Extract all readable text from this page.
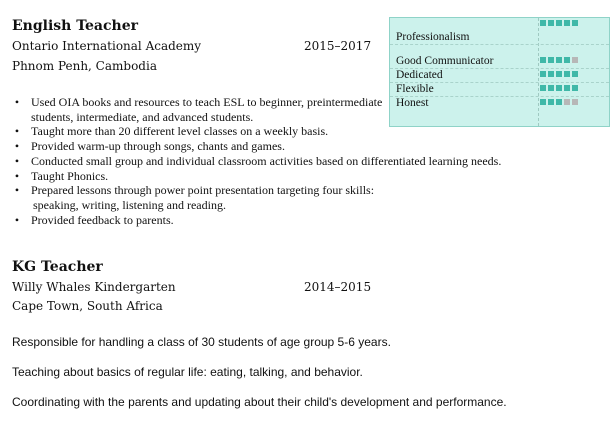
English Teacher
Ontario International Academy	2015–2017
Phnom Penh, Cambodia
• Used OIA books and resources to teach ESL to beginner, preintermediate
students, intermediate, and advanced students.
• Taught more than 20 different level classes on a weekly basis.
• Provided warm-up through songs, chants and games.
• Conducted small group and individual classroom activities based on differentiated learning needs.
• Taught Phonics.
• Prepared lessons through power point presentation targeting four skills:
speaking, writing, listening and reading.
• Provided feedback to parents.
Professionalism
Good Communicator
Dedicated
Flexible
Honest
KG Teacher
Willy Whales Kindergarten	2014–2015
Cape Town, South Africa
Responsible for handling a class of 30 students of age group 5-6 years.
Teaching about basics of regular life: eating, talking, and behavior.
Coordinating with the parents and updating about their child's development and performance.
